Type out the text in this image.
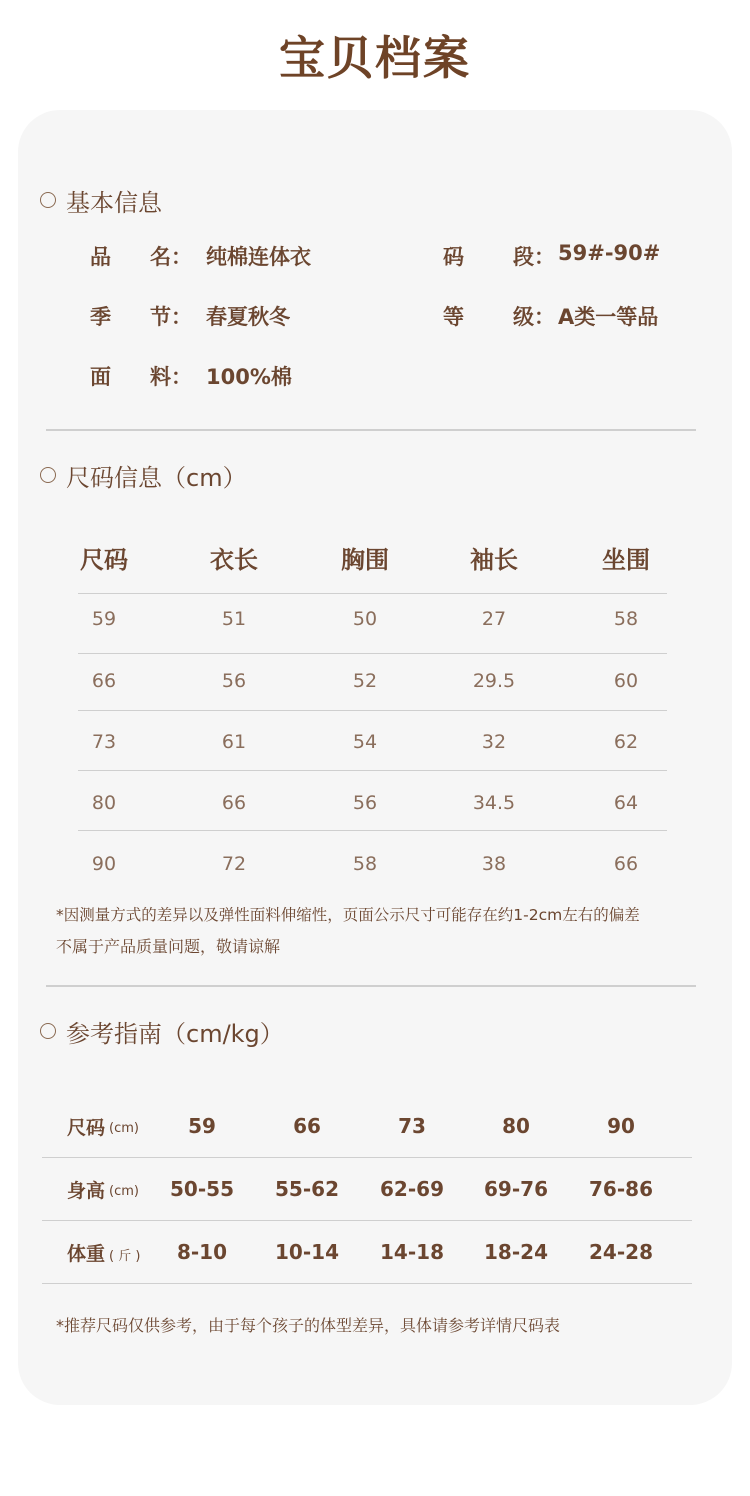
宝贝档案
基本信息
品 名： 纯棉连体衣	码 段： 59#-90#
季 节： 春夏秋冬	等 级： A类一等品
面 料： 100%棉
尺码信息（cm）
尺码	衣长	胸围	袖长	坐围
59	51	50	27	58
66	56	52	29.5	60
73	61	54	32	62
80	66	56	34.5	64
90	72	58	38	66
*因测量方式的差异以及弹性面料伸缩性，页面公示尺寸可能存在约1-2cm左右的偏差
不属于产品质量问题，敬请谅解
参考指南（cm/kg）
尺码 (cm)	59	66	73	80	90
身高 (cm)	50-55	55-62	62-69	69-76	76-86
体重 ( 斤 )	8-10	10-14	14-18	18-24	24-28
*推荐尺码仅供参考，由于每个孩子的体型差异，具体请参考详情尺码表
